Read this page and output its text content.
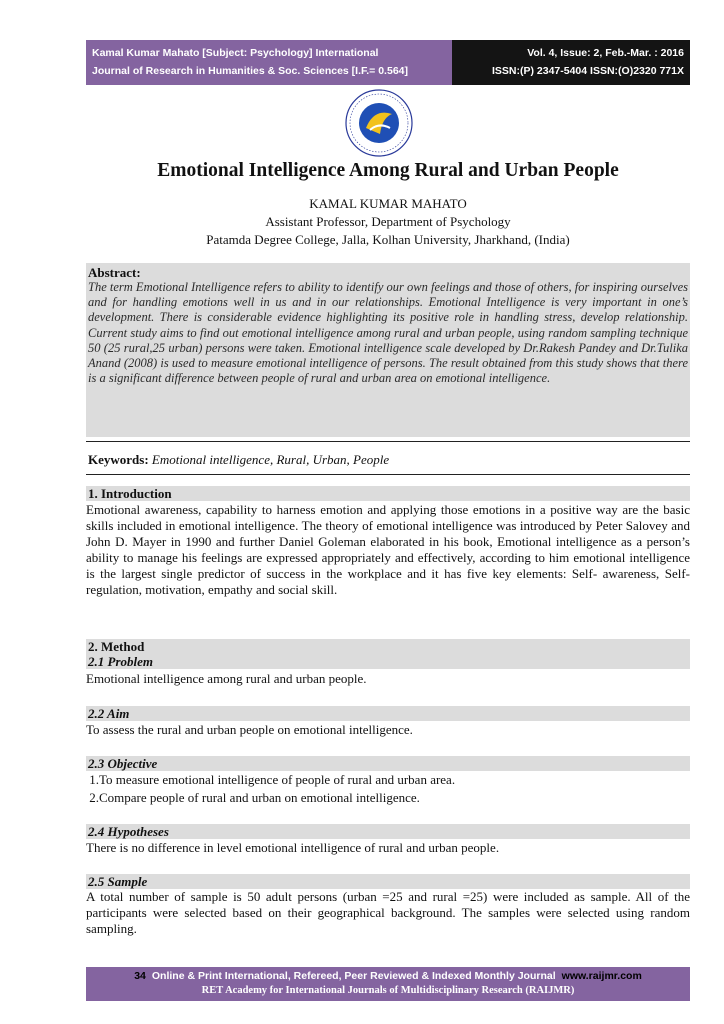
Kamal Kumar Mahato [Subject: Psychology] International
Journal of Research in Humanities & Soc. Sciences [I.F.= 0.564]
Vol. 4, Issue: 2, Feb.-Mar. : 2016
ISSN:(P) 2347-5404 ISSN:(O)2320 771X
Emotional Intelligence Among Rural and Urban People
KAMAL KUMAR MAHATO
Assistant Professor, Department of Psychology
Patamda Degree College, Jalla, Kolhan University, Jharkhand, (India)
Abstract:
The term Emotional Intelligence refers to ability to identify our own feelings and those of others, for inspiring ourselves and for handling emotions well in us and in our relationships. Emotional Intelligence is very important in one’s development. There is considerable evidence highlighting its positive role in handling stress, develop relationship. Current study aims to find out emotional intelligence among rural and urban people, using random sampling technique 50 (25 rural,25 urban) persons were taken. Emotional intelligence scale developed by Dr.Rakesh Pandey and Dr.Tulika Anand (2008) is used to measure emotional intelligence of persons. The result obtained from this study shows that there is a significant difference between people of rural and urban area on emotional intelligence.
Keywords: Emotional intelligence, Rural, Urban, People
1. Introduction
Emotional awareness, capability to harness emotion and applying those emotions in a positive way are the basic skills included in emotional intelligence. The theory of emotional intelligence was introduced by Peter Salovey and John D. Mayer in 1990 and further Daniel Goleman elaborated in his book, Emotional intelligence as a person’s ability to manage his feelings are expressed appropriately and effectively, according to him emotional intelligence is the largest single predictor of success in the workplace and it has five key elements: Self- awareness, Self-regulation, motivation, empathy and social skill.
2. Method
2.1 Problem
Emotional intelligence among rural and urban people.
2.2 Aim
To assess the rural and urban people on emotional intelligence.
2.3 Objective
1.To measure emotional intelligence of people of rural and urban area.
2.Compare people of rural and urban on emotional intelligence.
2.4 Hypotheses
There is no difference in level emotional intelligence of rural and urban people.
2.5 Sample
A total number of sample is 50 adult persons (urban =25 and rural =25) were included as sample. All of the participants were selected based on their geographical background. The samples were selected using random sampling.
34 Online & Print International, Refereed, Peer Reviewed & Indexed Monthly Journal www.raijmr.com
RET Academy for International Journals of Multidisciplinary Research (RAIJMR)
